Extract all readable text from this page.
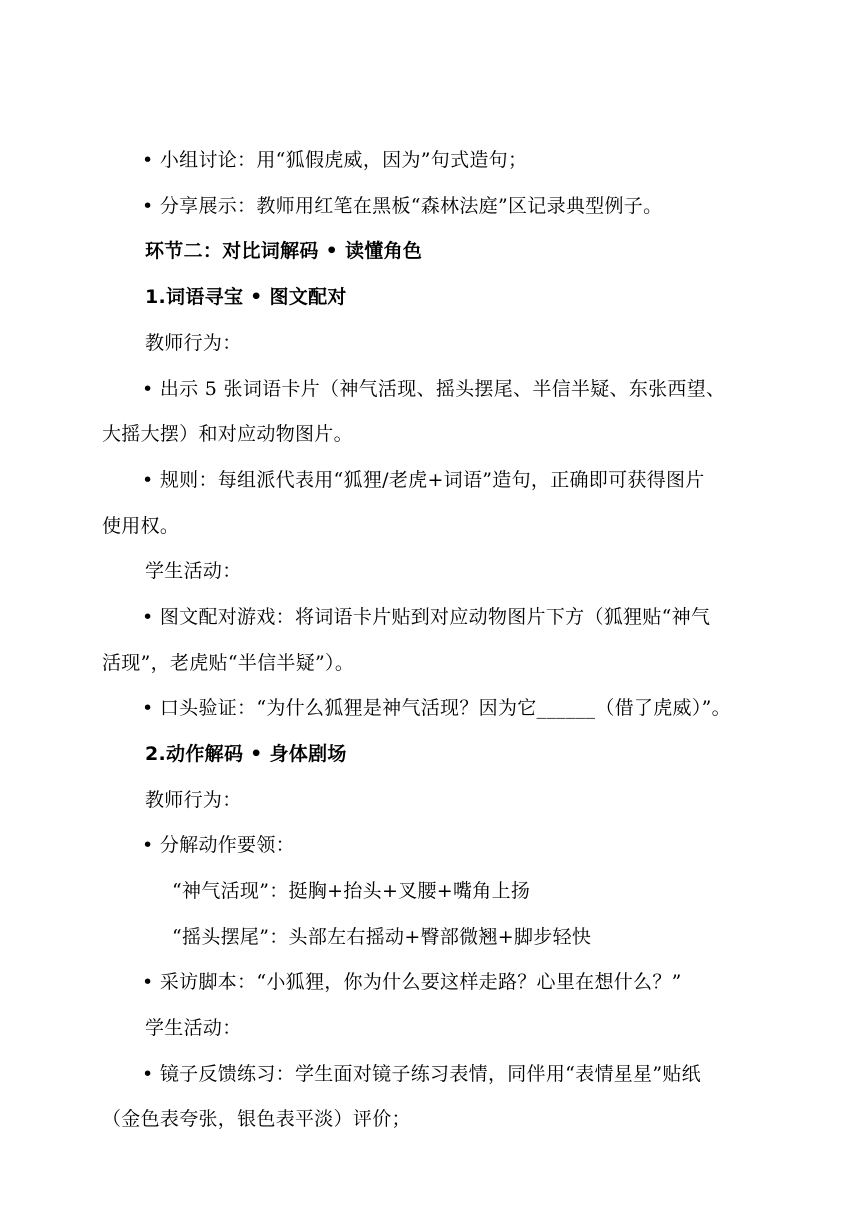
• 小组讨论：用“狐假虎威，因为”句式造句；
• 分享展示：教师用红笔在黑板“森林法庭”区记录典型例子。
环节二：对比词解码 • 读懂角色
1.词语寻宝 • 图文配对
教师行为：
• 出示 5 张词语卡片（神气活现、摇头摆尾、半信半疑、东张西望、
大摇大摆）和对应动物图片。
• 规则：每组派代表用“狐狸/老虎+词语”造句，正确即可获得图片
使用权。
学生活动：
• 图文配对游戏：将词语卡片贴到对应动物图片下方（狐狸贴“神气
活现”，老虎贴“半信半疑”）。
• 口头验证：“为什么狐狸是神气活现？因为它______（借了虎威）”。
2.动作解码 • 身体剧场
教师行为：
• 分解动作要领：
“神气活现”：挺胸+抬头+叉腰+嘴角上扬
“摇头摆尾”：头部左右摇动+臀部微翘+脚步轻快
• 采访脚本：“小狐狸，你为什么要这样走路？心里在想什么？”
学生活动：
• 镜子反馈练习：学生面对镜子练习表情，同伴用“表情星星”贴纸
（金色表夸张，银色表平淡）评价；
